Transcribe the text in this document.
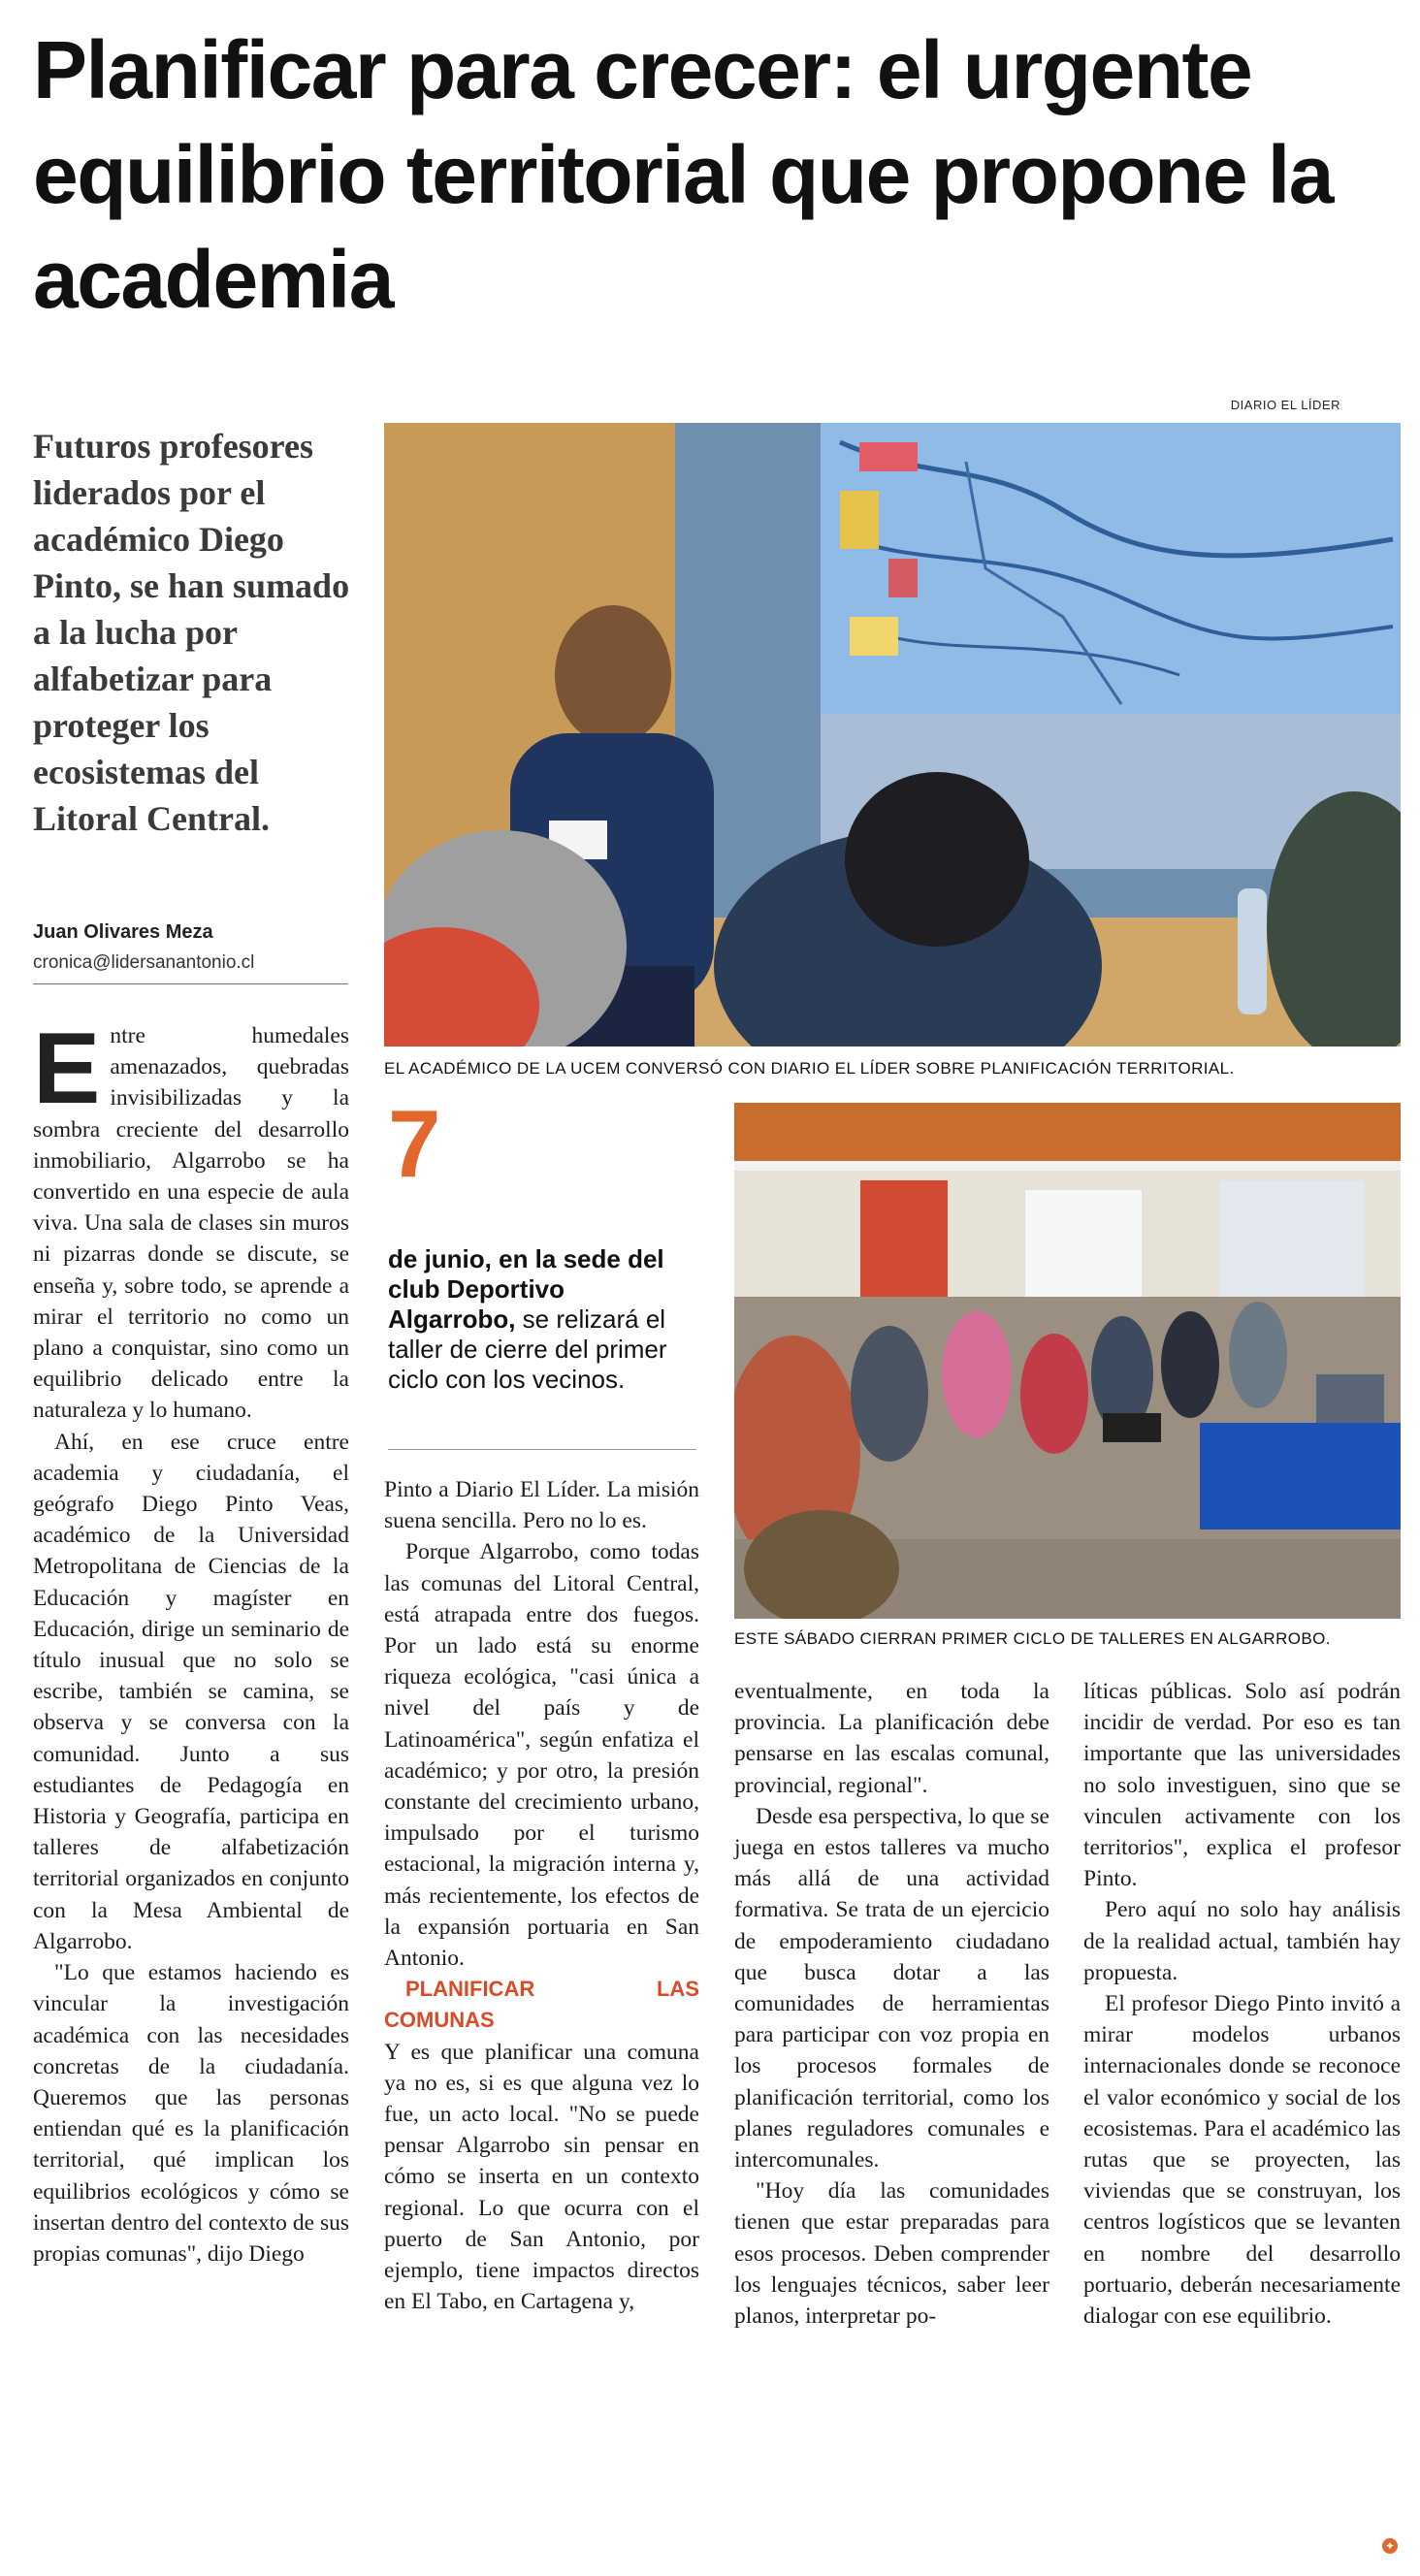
Planificar para crecer: el urgente equilibrio territorial que propone la academia
DIARIO EL LÍDER

Futuros profesores liderados por el académico Diego Pinto, se han sumado a la lucha por alfabetizar para proteger los ecosistemas del Litoral Central.

Juan Olivares Meza
cronica@lidersanantonio.cl
EL ACADÉMICO DE LA UCEM CONVERSÓ CON DIARIO EL LÍDER SOBRE PLANIFICACIÓN TERRITORIAL.
ESTE SÁBADO CIERRAN PRIMER CICLO DE TALLERES EN ALGARROBO.
7

de junio, en la sede del club Deportivo Algarrobo, se relizará el taller de cierre del primer ciclo con los vecinos.

Entre humedales amenazados, quebradas invisibilizadas y la sombra creciente del desarrollo inmobiliario, Algarrobo se ha convertido en una especie de aula viva. Una sala de clases sin muros ni pizarras donde se discute, se enseña y, sobre todo, se aprende a mirar el territorio no como un plano a conquistar, sino como un equilibrio delicado entre la naturaleza y lo humano.

Ahí, en ese cruce entre academia y ciudadanía, el geógrafo Diego Pinto Veas, académico de la Universidad Metropolitana de Ciencias de la Educación y magíster en Educación, dirige un seminario de título inusual que no solo se escribe, también se camina, se observa y se conversa con la comunidad. Junto a sus estudiantes de Pedagogía en Historia y Geografía, participa en talleres de alfabetización territorial organizados en conjunto con la Mesa Ambiental de Algarrobo.

"Lo que estamos haciendo es vincular la investigación académica con las necesidades concretas de la ciudadanía. Queremos que las personas entiendan qué es la planificación territorial, qué implican los equilibrios ecológicos y cómo se insertan dentro del contexto de sus propias comunas", dijo Diego

Pinto a Diario El Líder. La misión suena sencilla. Pero no lo es.

Porque Algarrobo, como todas las comunas del Litoral Central, está atrapada entre dos fuegos. Por un lado está su enorme riqueza ecológica, "casi única a nivel del país y de Latinoamérica", según enfatiza el académico; y por otro, la presión constante del crecimiento urbano, impulsado por el turismo estacional, la migración interna y, más recientemente, los efectos de la expansión portuaria en San Antonio.

PLANIFICAR LAS COMUNAS

Y es que planificar una comuna ya no es, si es que alguna vez lo fue, un acto local. "No se puede pensar Algarrobo sin pensar en cómo se inserta en un contexto regional. Lo que ocurra con el puerto de San Antonio, por ejemplo, tiene impactos directos en El Tabo, en Cartagena y,

eventualmente, en toda la provincia. La planificación debe pensarse en las escalas comunal, provincial, regional".

Desde esa perspectiva, lo que se juega en estos talleres va mucho más allá de una actividad formativa. Se trata de un ejercicio de empoderamiento ciudadano que busca dotar a las comunidades de herramientas para participar con voz propia en los procesos formales de planificación territorial, como los planes reguladores comunales e intercomunales.

"Hoy día las comunidades tienen que estar preparadas para esos procesos. Deben comprender los lenguajes técnicos, saber leer planos, interpretar po-

líticas públicas. Solo así podrán incidir de verdad. Por eso es tan importante que las universidades no solo investiguen, sino que se vinculen activamente con los territorios", explica el profesor Pinto.

Pero aquí no solo hay análisis de la realidad actual, también hay propuesta.

El profesor Diego Pinto invitó a mirar modelos urbanos internacionales donde se reconoce el valor económico y social de los ecosistemas. Para el académico las rutas que se proyecten, las viviendas que se construyan, los centros logísticos que se levanten en nombre del desarrollo portuario, deberán necesariamente dialogar con ese equilibrio.

✦
